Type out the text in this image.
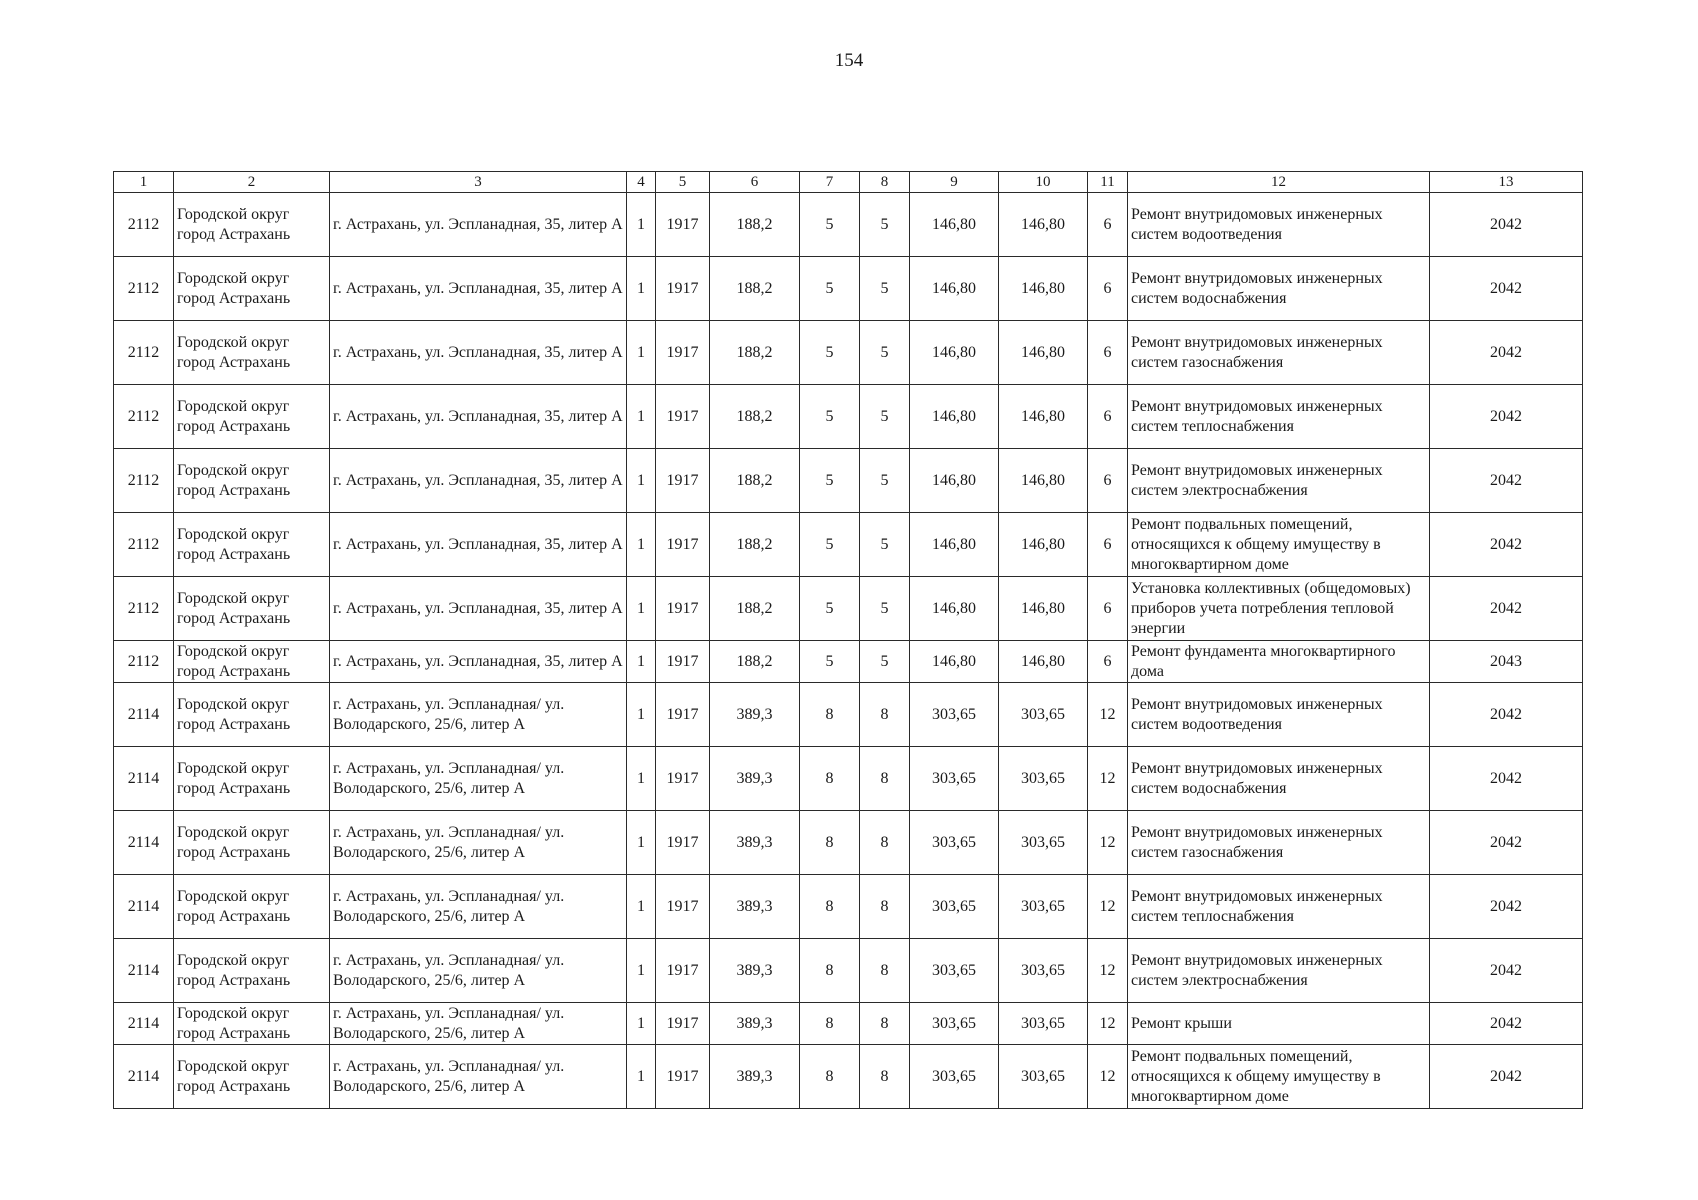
154
1	2	3	4	5	6	7	8	9	10	11	12	13
2112	Городской округ город Астрахань	г. Астрахань, ул. Эспланадная, 35, литер А	1	1917	188,2	5	5	146,80	146,80	6	Ремонт внутридомовых инженерных систем водоотведения	2042
2112	Городской округ город Астрахань	г. Астрахань, ул. Эспланадная, 35, литер А	1	1917	188,2	5	5	146,80	146,80	6	Ремонт внутридомовых инженерных систем водоснабжения	2042
2112	Городской округ город Астрахань	г. Астрахань, ул. Эспланадная, 35, литер А	1	1917	188,2	5	5	146,80	146,80	6	Ремонт внутридомовых инженерных систем газоснабжения	2042
2112	Городской округ город Астрахань	г. Астрахань, ул. Эспланадная, 35, литер А	1	1917	188,2	5	5	146,80	146,80	6	Ремонт внутридомовых инженерных систем теплоснабжения	2042
2112	Городской округ город Астрахань	г. Астрахань, ул. Эспланадная, 35, литер А	1	1917	188,2	5	5	146,80	146,80	6	Ремонт внутридомовых инженерных систем электроснабжения	2042
2112	Городской округ город Астрахань	г. Астрахань, ул. Эспланадная, 35, литер А	1	1917	188,2	5	5	146,80	146,80	6	Ремонт подвальных помещений, относящихся к общему имуществу в многоквартирном доме	2042
2112	Городской округ город Астрахань	г. Астрахань, ул. Эспланадная, 35, литер А	1	1917	188,2	5	5	146,80	146,80	6	Установка коллективных (общедомовых) приборов учета потребления тепловой энергии	2042
2112	Городской округ город Астрахань	г. Астрахань, ул. Эспланадная, 35, литер А	1	1917	188,2	5	5	146,80	146,80	6	Ремонт фундамента многоквартирного дома	2043
2114	Городской округ город Астрахань	г. Астрахань, ул. Эспланадная/ ул. Володарского, 25/6, литер А	1	1917	389,3	8	8	303,65	303,65	12	Ремонт внутридомовых инженерных систем водоотведения	2042
2114	Городской округ город Астрахань	г. Астрахань, ул. Эспланадная/ ул. Володарского, 25/6, литер А	1	1917	389,3	8	8	303,65	303,65	12	Ремонт внутридомовых инженерных систем водоснабжения	2042
2114	Городской округ город Астрахань	г. Астрахань, ул. Эспланадная/ ул. Володарского, 25/6, литер А	1	1917	389,3	8	8	303,65	303,65	12	Ремонт внутридомовых инженерных систем газоснабжения	2042
2114	Городской округ город Астрахань	г. Астрахань, ул. Эспланадная/ ул. Володарского, 25/6, литер А	1	1917	389,3	8	8	303,65	303,65	12	Ремонт внутридомовых инженерных систем теплоснабжения	2042
2114	Городской округ город Астрахань	г. Астрахань, ул. Эспланадная/ ул. Володарского, 25/6, литер А	1	1917	389,3	8	8	303,65	303,65	12	Ремонт внутридомовых инженерных систем электроснабжения	2042
2114	Городской округ город Астрахань	г. Астрахань, ул. Эспланадная/ ул. Володарского, 25/6, литер А	1	1917	389,3	8	8	303,65	303,65	12	Ремонт крыши	2042
2114	Городской округ город Астрахань	г. Астрахань, ул. Эспланадная/ ул. Володарского, 25/6, литер А	1	1917	389,3	8	8	303,65	303,65	12	Ремонт подвальных помещений, относящихся к общему имуществу в многоквартирном доме	2042
